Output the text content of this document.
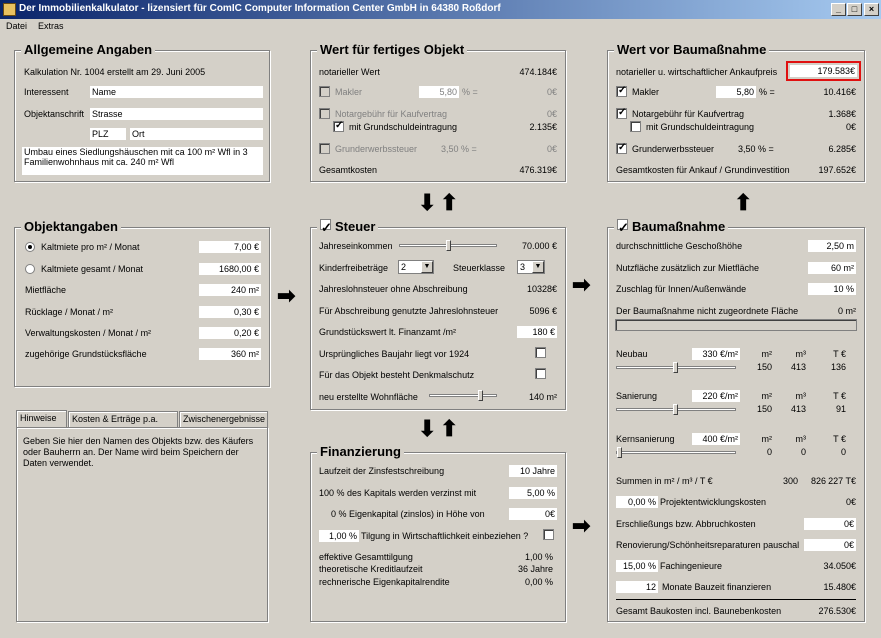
Der Immobilienkalkulator - lizensiert für ComIC Computer Information Center GmbH in 64380 Roßdorf	_	□	×
Datei Extras
Allgemeine Angaben
Kalkulation Nr. 1004 erstellt am 29. Juni 2005
Interessent	Name
Objektanschrift Strasse
PLZ	Ort
Umbau eines Siedlungshäuschen mit ca 100 m² Wfl in 3
Familienwohnhaus mit ca. 240 m² Wfl
Objektangaben
Kaltmiete pro m² / Monat	7,00 €
Kaltmiete gesamt / Monat	1680,00 €
Mietfläche	240 m²
Rücklage / Monat / m²	0,30 €
Verwaltungskosten / Monat / m²	0,20 €
zugehörige Grundstücksfläche	360 m²
Hinweise	Kosten & Erträge p.a.	Zwischenergebnisse
Geben Sie hier den Namen des Objekts bzw. des Käufers
oder Bauherrn an. Der Name wird beim Speichern der
Daten verwendet.
➡
Wert für fertiges Objekt
notarieller Wert	474.184€
Makler	5,80 % =	0€
Notargebühr für Kaufvertrag	0€
✓
mit Grundschuldeintragung	2.135€
Grunderwerbssteuer	3,50 % =	0€
Gesamtkosten	476.319€
⬇ ⬆
✓ Steuer
Jahreseinkommen	70.000 €
Kinderfreibeträge	2	▼	Steuerklasse	3	▼
Jahreslohnsteuer ohne Abschreibung	10328€
Für Abschreibung genutzte Jahreslohnsteuer	5096 €
Grundstückswert lt. Finanzamt /m²	180 €
Ursprüngliches Baujahr liegt vor 1924
Für das Objekt besteht Denkmalschutz
neu erstellte Wohnfläche	140 m²
⬇ ⬆
Finanzierung
Laufzeit der Zinsfestschreibung	10 Jahre
100 % des Kapitals werden verzinst mit	5,00 %
0 % Eigenkapital (zinslos) in Höhe von	0€
1,00 % Tilgung in Wirtschaftlichkeit einbeziehen ?
effektive Gesamttilgung	1,00 %
theoretische Kreditlaufzeit	36 Jahre
rechnerische Eigenkapitalrendite	0,00 %
➡
➡
⬆
Wert vor Baumaßnahme
notarieller u. wirtschaftlicher Ankaufpreis	179.583€
✓
Makler	5,80 % =	10.416€
✓
Notargebühr für Kaufvertrag	1.368€
mit Grundschuldeintragung	0€
✓
Grunderwerbssteuer	3,50 % =	6.285€
Gesamtkosten für Ankauf / Grundinvestition	197.652€
✓ Baumaßnahme
durchschnittliche Geschoßhöhe	2,50 m
Nutzfläche zusätzlich zur Mietfläche	60 m²
Zuschlag für Innen/Außenwände	10 %
Der Baumaßnahme nicht zugeordnete Fläche	0 m²
Neubau	330 €/m²	m²	m³	T €
150	413	136
Sanierung	220 €/m²	m²	m³	T €
150	413	91
Kernsanierung	400 €/m²	m²	m³	T €
0	0	0
Summen in m² / m³ / T €	300	826 227 T€
0,00 % Projektentwicklungskosten	0€
Erschließungs bzw. Abbruchkosten	0€
Renovierung/Schönheitsreparaturen pauschal	0€
15,00 % Fachingenieure	34.050€
12 Monate Bauzeit finanzieren	15.480€
Gesamt Baukosten incl. Baunebenkosten	276.530€
